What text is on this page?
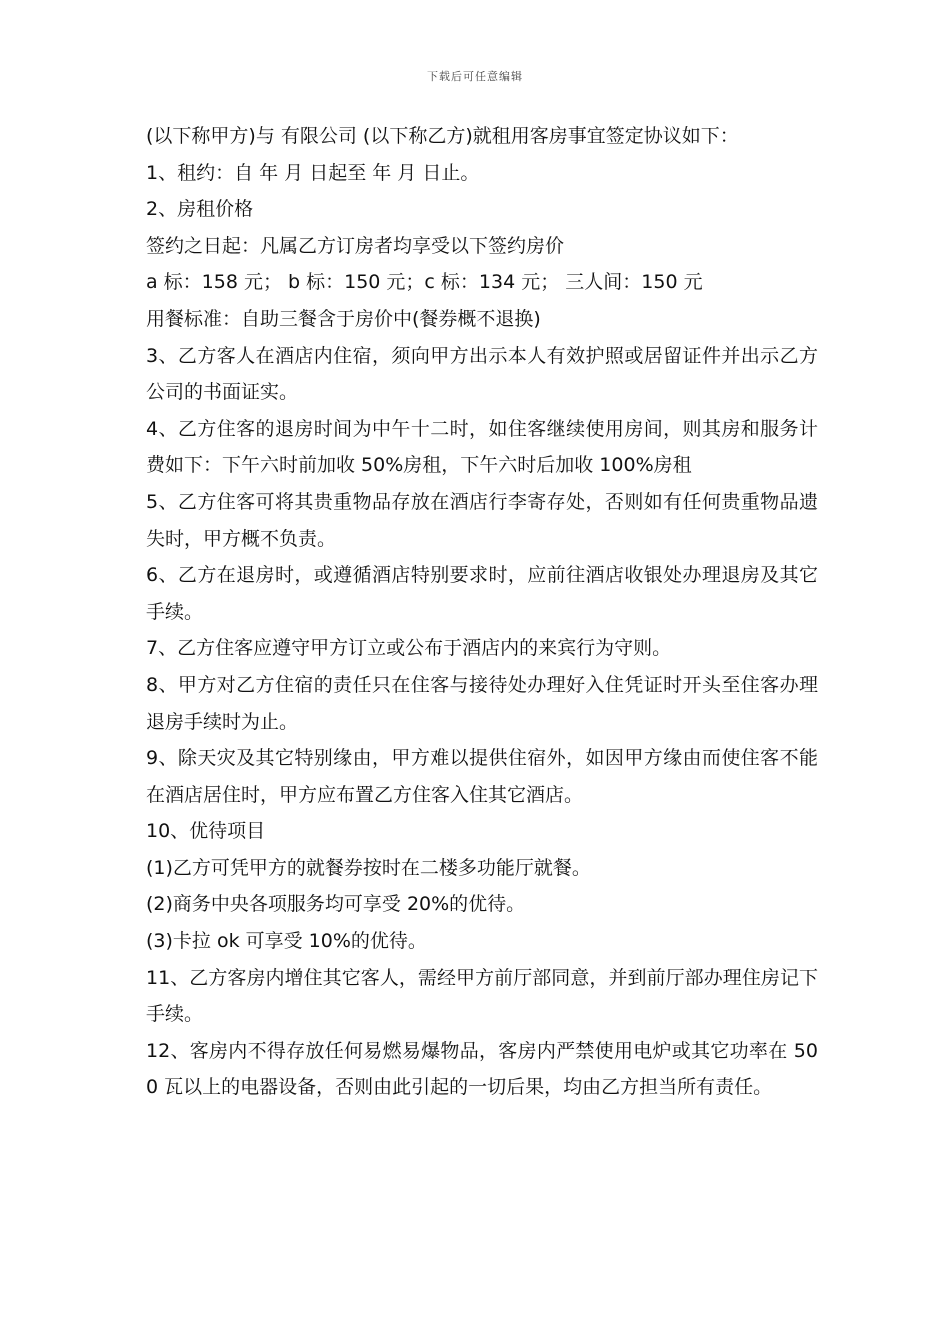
下载后可任意编辑

(以下称甲方)与 有限公司 (以下称乙方)就租用客房事宜签定协议如下：

1、租约：自 年 月 日起至 年 月 日止。

2、房租价格

签约之日起：凡属乙方订房者均享受以下签约房价

a 标：158 元； b 标：150 元；c 标：134 元； 三人间：150 元

用餐标准：自助三餐含于房价中(餐券概不退换)

3、乙方客人在酒店内住宿，须向甲方出示本人有效护照或居留证件并出示乙方公司的书面证实。

4、乙方住客的退房时间为中午十二时，如住客继续使用房间，则其房和服务计费如下：下午六时前加收 50%房租，下午六时后加收 100%房租

5、乙方住客可将其贵重物品存放在酒店行李寄存处，否则如有任何贵重物品遗失时，甲方概不负责。

6、乙方在退房时，或遵循酒店特别要求时，应前往酒店收银处办理退房及其它手续。

7、乙方住客应遵守甲方订立或公布于酒店内的来宾行为守则。

8、甲方对乙方住宿的责任只在住客与接待处办理好入住凭证时开头至住客办理退房手续时为止。

9、除天灾及其它特别缘由，甲方难以提供住宿外，如因甲方缘由而使住客不能在酒店居住时，甲方应布置乙方住客入住其它酒店。

10、优待项目

(1)乙方可凭甲方的就餐券按时在二楼多功能厅就餐。

(2)商务中央各项服务均可享受 20%的优待。

(3)卡拉 ok 可享受 10%的优待。

11、乙方客房内增住其它客人，需经甲方前厅部同意，并到前厅部办理住房记下手续。

12、客房内不得存放任何易燃易爆物品，客房内严禁使用电炉或其它功率在 500 瓦以上的电器设备，否则由此引起的一切后果，均由乙方担当所有责任。
